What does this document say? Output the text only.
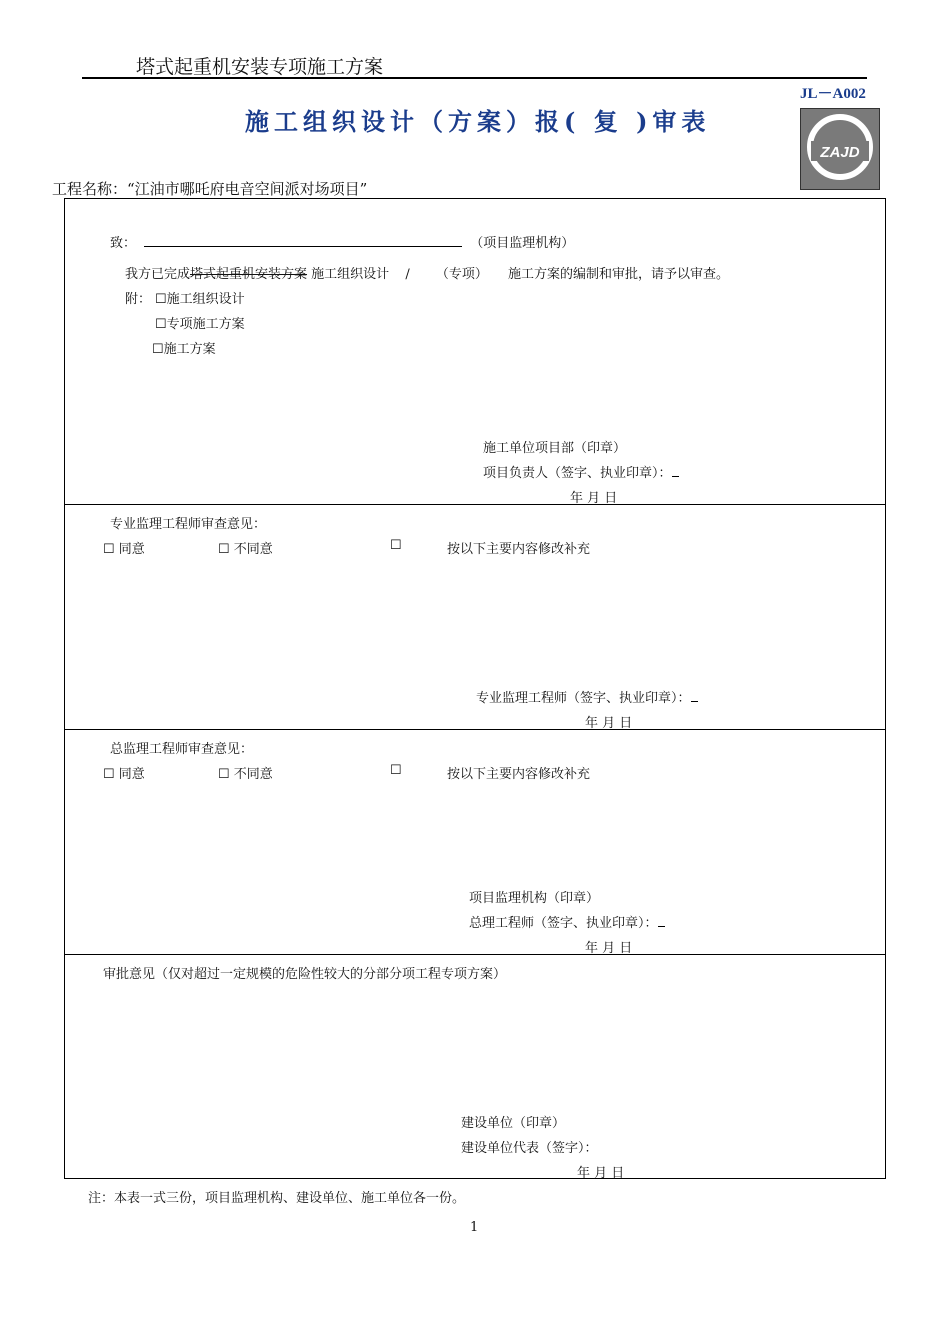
塔式起重机安装专项施工方案
JL－A002
施工组织设计（方案）报( 复 )审表
ZAJD
工程名称：“江油市哪吒府电音空间派对场项目”
致：	（项目监理机构）
我方已完成塔式起重机安装方案 施工组织设计 / （专项） 施工方案的编制和审批，请予以审查。
附： ☐施工组织设计
☐专项施工方案
☐施工方案
施工单位项目部（印章）
项目负责人（签字、执业印章）：
年 月 日
专业监理工程师审查意见：
☐ 同意	☐ 不同意	☐	按以下主要内容修改补充
专业监理工程师（签字、执业印章）：
年 月 日
总监理工程师审查意见：
☐ 同意	☐ 不同意	☐	按以下主要内容修改补充
项目监理机构（印章）
总理工程师（签字、执业印章）：
年 月 日
审批意见（仅对超过一定规模的危险性较大的分部分项工程专项方案）
建设单位（印章）
建设单位代表（签字）：
年 月 日
注：本表一式三份，项目监理机构、建设单位、施工单位各一份。
1
